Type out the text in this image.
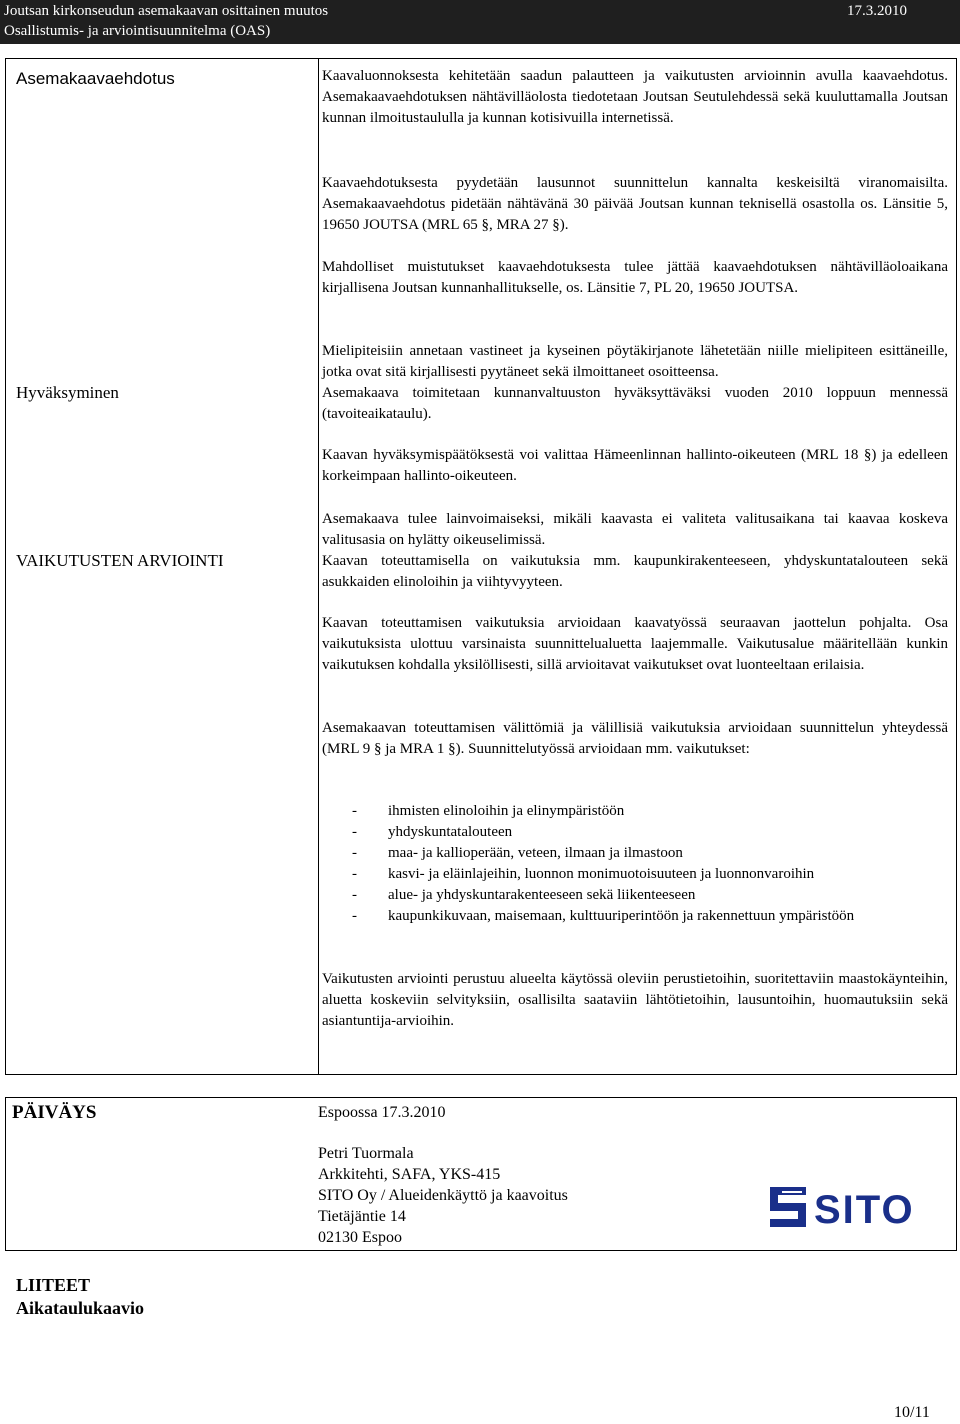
Joutsan kirkonseudun asemakaavan osittainen muutos
Osallistumis- ja arviointisuunnitelma (OAS)
17.3.2010
Asemakaavaehdotus
Hyväksyminen
VAIKUTUSTEN ARVIOINTI

Kaavaluonnoksesta kehitetään saadun palautteen ja vaikutusten arvioinnin avulla kaavaehdotus. Asemakaavaehdotuksen nähtävilläolosta tiedotetaan Joutsan Seutulehdessä sekä kuuluttamalla Joutsan kunnan ilmoitustaululla ja kunnan kotisivuilla internetissä.

Kaavaehdotuksesta pyydetään lausunnot suunnittelun kannalta keskeisiltä viranomaisilta. Asemakaavaehdotus pidetään nähtävänä 30 päivää Joutsan kunnan teknisellä osastolla os. Länsitie 5, 19650 JOUTSA (MRL 65 §, MRA 27 §).

Mahdolliset muistutukset kaavaehdotuksesta tulee jättää kaavaehdotuksen nähtävilläoloaikana kirjallisena Joutsan kunnanhallitukselle, os. Länsitie 7, PL 20, 19650 JOUTSA.

Mielipiteisiin annetaan vastineet ja kyseinen pöytäkirjanote lähetetään niille mielipiteen esittäneille, jotka ovat sitä kirjallisesti pyytäneet sekä ilmoittaneet osoitteensa.

Asemakaava toimitetaan kunnanvaltuuston hyväksyttäväksi vuoden 2010 loppuun mennessä (tavoiteaikataulu).

Kaavan hyväksymispäätöksestä voi valittaa Hämeenlinnan hallinto-oikeuteen (MRL 18 §) ja edelleen korkeimpaan hallinto-oikeuteen.

Asemakaava tulee lainvoimaiseksi, mikäli kaavasta ei valiteta valitusaikana tai kaavaa koskeva valitusasia on hylätty oikeuselimissä.

Kaavan toteuttamisella on vaikutuksia mm. kaupunkirakenteeseen, yhdyskuntatalouteen sekä asukkaiden elinoloihin ja viihtyvyyteen.

Kaavan toteuttamisen vaikutuksia arvioidaan kaavatyössä seuraavan jaottelun pohjalta. Osa vaikutuksista ulottuu varsinaista suunnittelualuetta laajemmalle. Vaikutusalue määritellään kunkin vaikutuksen kohdalla yksilöllisesti, sillä arvioitavat vaikutukset ovat luonteeltaan erilaisia.

Asemakaavan toteuttamisen välittömiä ja välillisiä vaikutuksia arvioidaan suunnittelun yhteydessä (MRL 9 § ja MRA 1 §). Suunnittelutyössä arvioidaan mm. vaikutukset:

- ihmisten elinoloihin ja elinympäristöön
- yhdyskuntatalouteen
- maa- ja kallioperään, veteen, ilmaan ja ilmastoon
- kasvi- ja eläinlajeihin, luonnon monimuotoisuuteen ja luonnonvaroihin
- alue- ja yhdyskuntarakenteeseen sekä liikenteeseen
- kaupunkikuvaan, maisemaan, kulttuuriperintöön ja rakennettuun ympäristöön

Vaikutusten arviointi perustuu alueelta käytössä oleviin perustietoihin, suoritettaviin maastokäynteihin, aluetta koskeviin selvityksiin, osallisilta saataviin lähtötietoihin, lausuntoihin, huomautuksiin sekä asiantuntija-arvioihin.

PÄIVÄYS	Espoossa 17.3.2010
Petri Tuormala
Arkkitehti, SAFA, YKS-415
SITO Oy / Alueidenkäyttö ja kaavoitus
Tietäjäntie 14
02130 Espoo
SITO
LIITEET
Aikataulukaavio
10/11
